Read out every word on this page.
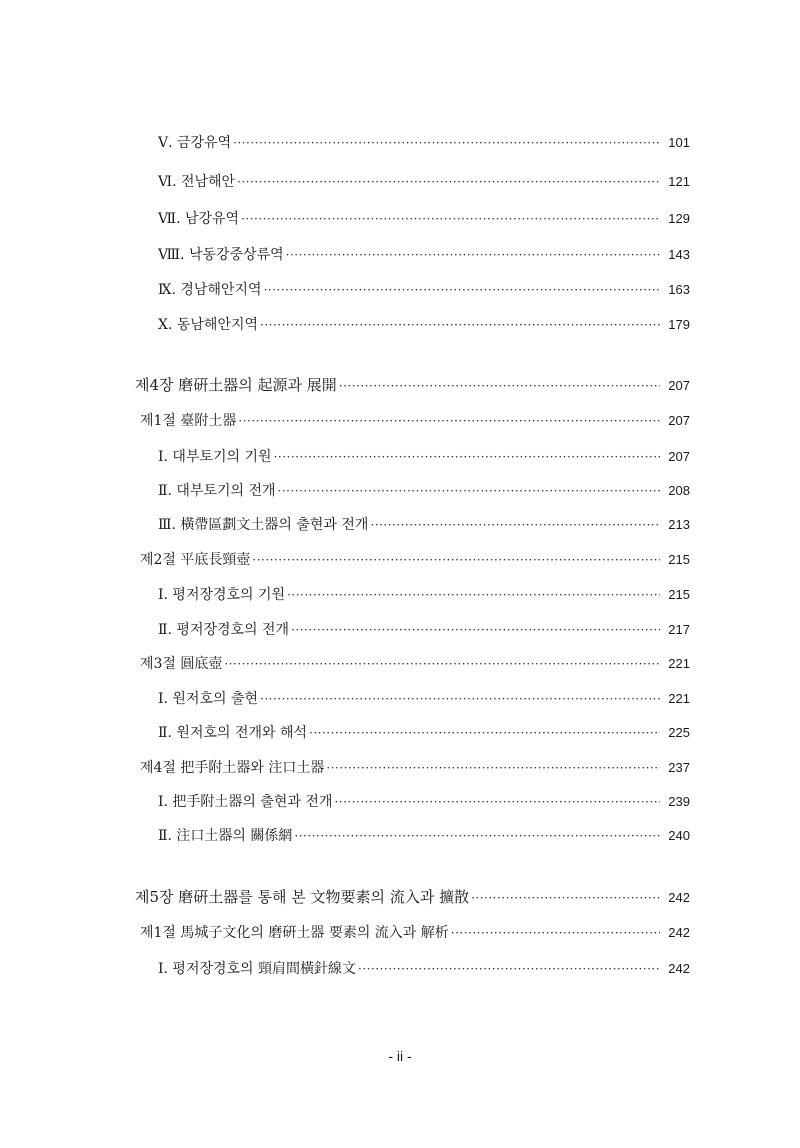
Ⅴ. 금강유역 ·····	101
Ⅵ. 전남해안 ·····	121
Ⅶ. 남강유역 ·····	129
Ⅷ. 낙동강중상류역 ·····	143
Ⅸ. 경남해안지역 ·····	163
Ⅹ. 동남해안지역 ·····	179
제4장 磨硏土器의 起源과 展開 ·····	207
제1절 臺附土器 ·····	207
Ⅰ. 대부토기의 기원 ·····	207
Ⅱ. 대부토기의 전개 ·····	208
Ⅲ. 橫帶區劃文土器의 출현과 전개 ·····	213
제2절 平底長頸壺 ·····	215
Ⅰ. 평저장경호의 기원 ·····	215
Ⅱ. 평저장경호의 전개 ·····	217
제3절 圓底壺 ·····	221
Ⅰ. 원저호의 출현 ·····	221
Ⅱ. 원저호의 전개와 해석 ·····	225
제4절 把手附土器와 注口土器 ·····	237
Ⅰ. 把手附土器의 출현과 전개 ·····	239
Ⅱ. 注口土器의 關係網 ·····	240
제5장 磨硏土器를 통해 본 文物要素의 流入과 擴散 ·····	242
제1절 馬城子文化의 磨硏土器 要素의 流入과 解析 ·····	242
Ⅰ. 평저장경호의 頸肩間橫針線文 ·····	242
- ii -
